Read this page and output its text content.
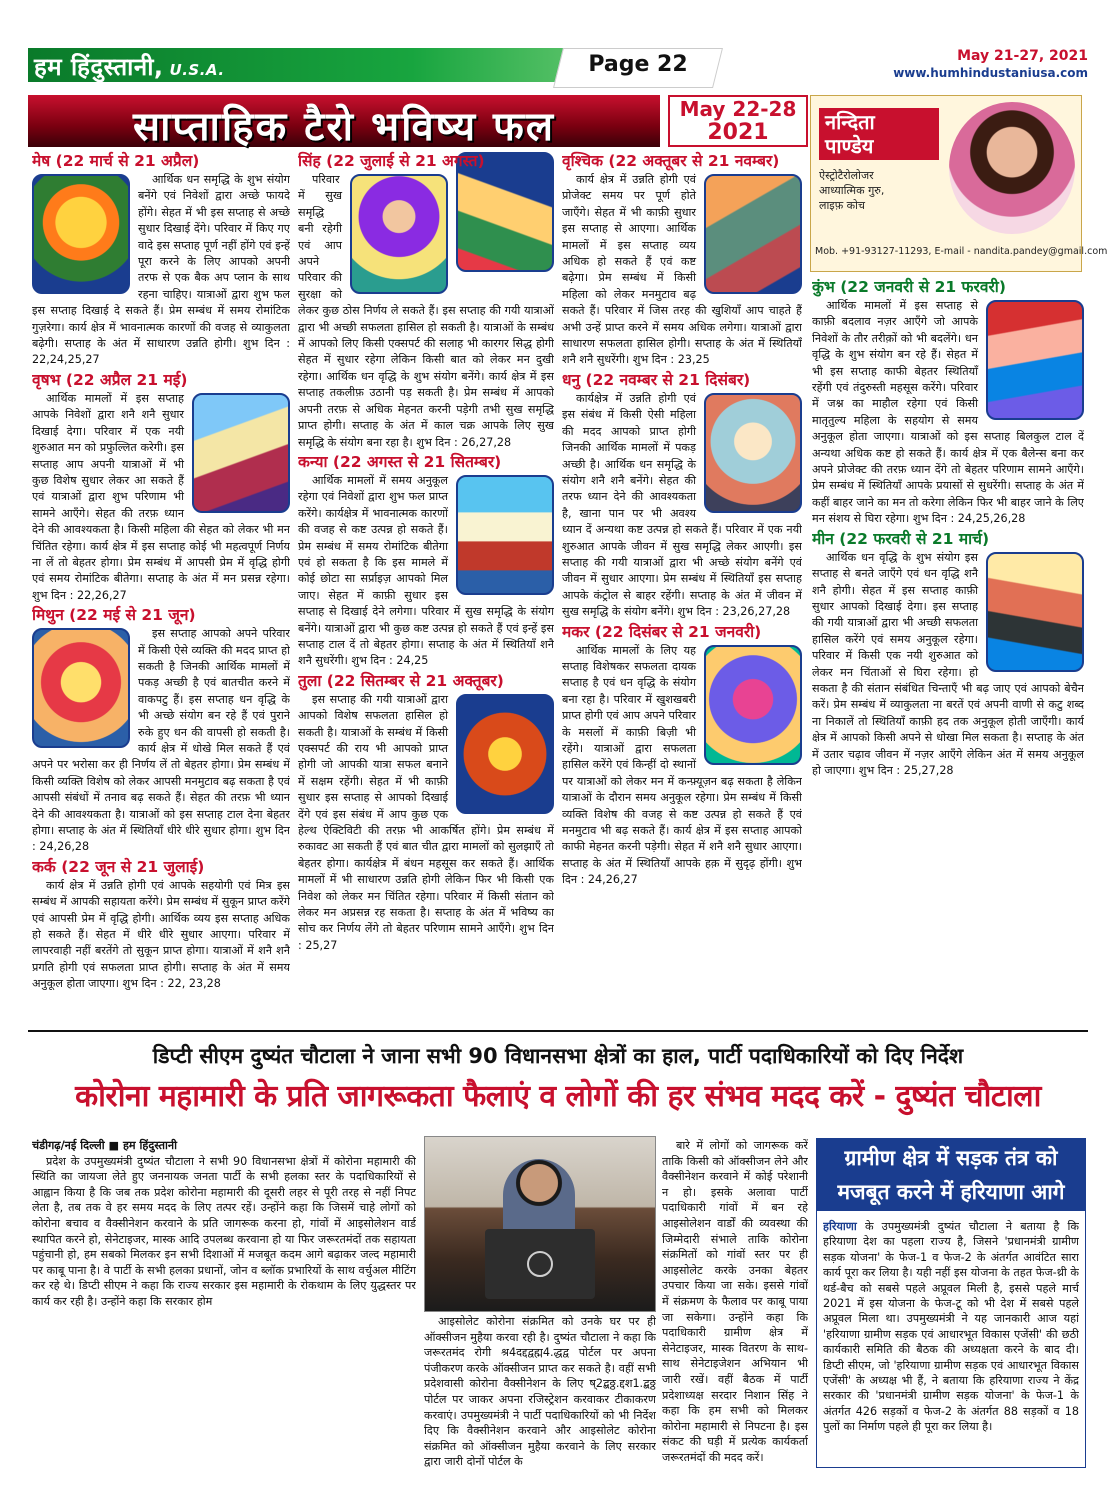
हम हिंदुस्तानी, U.S.A.	Page 22	May 21-27, 2021
www.humhindustaniusa.com
साप्ताहिक टैरो भविष्य फल	May 22-28
2021	नन्दिता
पाण्डेय
ऐस्ट्रोटैरोलोजर
आध्यात्मिक गुरु,
लाइफ़ कोच
Mob. +91-93127-11293, E-mail - nandita.pandey@gmail.com
मेष (22 मार्च से 21 अप्रैल)
आर्थिक धन समृद्धि के शुभ संयोग बनेंगे एवं निवेशों द्वारा अच्छे फायदे होंगे। सेहत में भी इस सप्ताह से अच्छे सुधार दिखाई देंगे। परिवार में किए गए वादे इस सप्ताह पूर्ण नहीं होंगे एवं इन्हें पूरा करने के लिए आपको अपनी तरफ से एक बैक अप प्लान के साथ रहना चाहिए। यात्राओं द्वारा शुभ फल इस सप्ताह दिखाई दे सकते हैं। प्रेम सम्बंध में समय रोमांटिक गुज़रेगा। कार्य क्षेत्र में भावनात्मक कारणों की वजह से व्याकुलता बढ़ेगी। सप्ताह के अंत में साधारण उन्नति होगी। शुभ दिन : 22,24,25,27
वृषभ (22 अप्रैल 21 मई)
आर्थिक मामलों में इस सप्ताह आपके निवेशों द्वारा शनै शनै सुधार दिखाई देगा। परिवार में एक नयी शुरुआत मन को प्रफुल्लित करेगी। इस सप्ताह आप अपनी यात्राओं में भी कुछ विशेष सुधार लेकर आ सकते हैं एवं यात्राओं द्वारा शुभ परिणाम भी सामने आएँगे। सेहत की तरफ़ ध्यान देने की आवश्यकता है। किसी महिला की सेहत को लेकर भी मन चिंतित रहेगा। कार्य क्षेत्र में इस सप्ताह कोई भी महत्वपूर्ण निर्णय ना लें तो बेहतर होगा। प्रेम सम्बंध में आपसी प्रेम में वृद्धि होगी एवं समय रोमांटिक बीतेगा। सप्ताह के अंत में मन प्रसन्न रहेगा। शुभ दिन : 22,26,27
मिथुन (22 मई से 21 जून)
इस सप्ताह आपको अपने परिवार में किसी ऐसे व्यक्ति की मदद प्राप्त हो सकती है जिनकी आर्थिक मामलों में पकड़ अच्छी है एवं बातचीत करने में वाकपटु हैं। इस सप्ताह धन वृद्धि के भी अच्छे संयोग बन रहे हैं एवं पुराने रुके हुए धन की वापसी हो सकती है। कार्य क्षेत्र में धोखे मिल सकते हैं एवं अपने पर भरोसा कर ही निर्णय लें तो बेहतर होगा। प्रेम सम्बंध में किसी व्यक्ति विशेष को लेकर आपसी मनमुटाव बढ़ सकता है एवं आपसी संबंधों में तनाव बढ़ सकते हैं। सेहत की तरफ़ भी ध्यान देने की आवश्यकता है। यात्राओं को इस सप्ताह टाल देना बेहतर होगा। सप्ताह के अंत में स्थितियाँ धीरे धीरे सुधार होगा। शुभ दिन : 24,26,28
कर्क (22 जून से 21 जुलाई)
कार्य क्षेत्र में उन्नति होगी एवं आपके सहयोगी एवं मित्र इस सम्बंध में आपकी सहायता करेंगे। प्रेम सम्बंध में सुकून प्राप्त करेंगे एवं आपसी प्रेम में वृद्धि होगी। आर्थिक व्यय इस सप्ताह अधिक हो सकते हैं। सेहत में धीरे धीरे सुधार आएगा। परिवार में लापरवाही नहीं बरतेंगे तो सुकून प्राप्त होगा। यात्राओं में शनै शनै प्रगति होगी एवं सफलता प्राप्त होगी। सप्ताह के अंत में समय अनुकूल होता जाएगा। शुभ दिन : 22, 23,28
सिंह (22 जुलाई से 21 अगस्त)
परिवार में सुख समृद्धि बनी रहेगी एवं आप अपने परिवार की सुरक्षा को लेकर कुछ ठोस निर्णय ले सकते हैं। इस सप्ताह की गयी यात्राओं द्वारा भी अच्छी सफलता हासिल हो सकती है। यात्राओं के सम्बंध में आपको लिए किसी एक्सपर्ट की सलाह भी कारगर सिद्ध होगी सेहत में सुधार रहेगा लेकिन किसी बात को लेकर मन दुखी रहेगा। आर्थिक धन वृद्धि के शुभ संयोग बनेंगे। कार्य क्षेत्र में इस सप्ताह तकलीफ़ उठानी पड़ सकती है। प्रेम सम्बंध में आपको अपनी तरफ़ से अधिक मेहनत करनी पड़ेगी तभी सुख समृद्धि प्राप्त होगी। सप्ताह के अंत में काल चक्र आपके लिए सुख समृद्धि के संयोग बना रहा है। शुभ दिन : 26,27,28
कन्या (22 अगस्त से 21 सितम्बर)
आर्थिक मामलों में समय अनुकूल रहेगा एवं निवेशों द्वारा शुभ फल प्राप्त करेंगे। कार्यक्षेत्र में भावनात्मक कारणों की वजह से कष्ट उत्पन्न हो सकते हैं। प्रेम सम्बंध में समय रोमांटिक बीतेगा एवं हो सकता है कि इस मामले में कोई छोटा सा सर्प्राइज़ आपको मिल जाए। सेहत में काफ़ी सुधार इस सप्ताह से दिखाई देने लगेगा। परिवार में सुख समृद्धि के संयोग बनेंगे। यात्राओं द्वारा भी कुछ कष्ट उत्पन्न हो सकते हैं एवं इन्हें इस सप्ताह टाल दें तो बेहतर होगा। सप्ताह के अंत में स्थितियाँ शनै शनै सुधरेंगी। शुभ दिन : 24,25
तुला (22 सितम्बर से 21 अक्तूबर)
इस सप्ताह की गयी यात्राओं द्वारा आपको विशेष सफलता हासिल हो सकती है। यात्राओं के सम्बंध में किसी एक्सपर्ट की राय भी आपको प्राप्त होगी जो आपकी यात्रा सफल बनाने में सक्षम रहेंगी। सेहत में भी काफ़ी सुधार इस सप्ताह से आपको दिखाई देंगे एवं इस संबंध में आप कुछ एक हेल्थ ऐक्टिविटी की तरफ़ भी आकर्षित होंगे। प्रेम सम्बंध में रुकावट आ सकती हैं एवं बात चीत द्वारा मामलों को सुलझाएँ तो बेहतर होगा। कार्यक्षेत्र में बंधन महसूस कर सकते हैं। आर्थिक मामलों में भी साधारण उन्नति होगी लेकिन फिर भी किसी एक निवेश को लेकर मन चिंतित रहेगा। परिवार में किसी संतान को लेकर मन अप्रसन्न रह सकता है। सप्ताह के अंत में भविष्य का सोच कर निर्णय लेंगे तो बेहतर परिणाम सामने आएँगे। शुभ दिन : 25,27
वृश्चिक (22 अक्तूबर से 21 नवम्बर)
कार्य क्षेत्र में उन्नति होगी एवं प्रोजेक्ट समय पर पूर्ण होते जाएँगे। सेहत में भी काफ़ी सुधार इस सप्ताह से आएगा। आर्थिक मामलों में इस सप्ताह व्यय अधिक हो सकते हैं एवं कष्ट बढ़ेगा। प्रेम सम्बंध में किसी महिला को लेकर मनमुटाव बढ़ सकते हैं। परिवार में जिस तरह की खुशियाँ आप चाहते हैं अभी उन्हें प्राप्त करने में समय अधिक लगेगा। यात्राओं द्वारा साधारण सफलता हासिल होगी। सप्ताह के अंत में स्थितियाँ शनै शनै सुधरेंगी। शुभ दिन : 23,25
धनु (22 नवम्बर से 21 दिसंबर)
कार्यक्षेत्र में उन्नति होगी एवं इस संबंध में किसी ऐसी महिला की मदद आपको प्राप्त होगी जिनकी आर्थिक मामलों में पकड़ अच्छी है। आर्थिक धन समृद्धि के संयोग शनै शनै बनेंगे। सेहत की तरफ ध्यान देने की आवश्यकता है, खाना पान पर भी अवश्य ध्यान दें अन्यथा कष्ट उत्पन्न हो सकते हैं। परिवार में एक नयी शुरुआत आपके जीवन में सुख समृद्धि लेकर आएगी। इस सप्ताह की गयी यात्राओं द्वारा भी अच्छे संयोग बनेंगे एवं जीवन में सुधार आएगा। प्रेम सम्बंध में स्थितियाँ इस सप्ताह आपके कंट्रोल से बाहर रहेंगी। सप्ताह के अंत में जीवन में सुख समृद्धि के संयोग बनेंगे। शुभ दिन : 23,26,27,28
मकर (22 दिसंबर से 21 जनवरी)
आर्थिक मामलों के लिए यह सप्ताह विशेषकर सफलता दायक सप्ताह है एवं धन वृद्धि के संयोग बना रहा है। परिवार में खुशखबरी प्राप्त होगी एवं आप अपने परिवार के मसलों में काफ़ी बिज़ी भी रहेंगे। यात्राओं द्वारा सफलता हासिल करेंगे एवं किन्हीं दो स्थानों पर यात्राओं को लेकर मन में कन्फ़्यूज़न बढ़ सकता है लेकिन यात्राओं के दौरान समय अनुकूल रहेगा। प्रेम सम्बंध में किसी व्यक्ति विशेष की वजह से कष्ट उत्पन्न हो सकते हैं एवं मनमुटाव भी बढ़ सकते हैं। कार्य क्षेत्र में इस सप्ताह आपको काफी मेहनत करनी पड़ेगी। सेहत में शनै शनै सुधार आएगा। सप्ताह के अंत में स्थितियाँ आपके हक़ में सुदृढ़ होंगी। शुभ दिन : 24,26,27
कुंभ (22 जनवरी से 21 फरवरी)
आर्थिक मामलों में इस सप्ताह से काफ़ी बदलाव नज़र आएँगे जो आपके निवेशों के तौर तरीक़ों को भी बदलेंगे। धन वृद्धि के शुभ संयोग बन रहे हैं। सेहत में भी इस सप्ताह काफी बेहतर स्थितियाँ रहेंगी एवं तंदुरुस्ती महसूस करेंगे। परिवार में जश्न का माहौल रहेगा एवं किसी मातृतुल्य महिला के सहयोग से समय अनुकूल होता जाएगा। यात्राओं को इस सप्ताह बिलकुल टाल दें अन्यथा अधिक कष्ट हो सकते हैं। कार्य क्षेत्र में एक बैलेन्स बना कर अपने प्रोजेक्ट की तरफ़ ध्यान देंगे तो बेहतर परिणाम सामने आएँगे। प्रेम सम्बंध में स्थितियाँ आपके प्रयासों से सुधरेंगी। सप्ताह के अंत में कहीं बाहर जाने का मन तो करेगा लेकिन फिर भी बाहर जाने के लिए मन संशय से घिरा रहेगा। शुभ दिन : 24,25,26,28
मीन (22 फरवरी से 21 मार्च)
आर्थिक धन वृद्धि के शुभ संयोग इस सप्ताह से बनते जाएँगे एवं धन वृद्धि शनै शनै होगी। सेहत में इस सप्ताह काफ़ी सुधार आपको दिखाई देगा। इस सप्ताह की गयी यात्राओं द्वारा भी अच्छी सफलता हासिल करेंगे एवं समय अनुकूल रहेगा। परिवार में किसी एक नयी शुरुआत को लेकर मन चिंताओं से घिरा रहेगा। हो सकता है की संतान संबंधित चिन्ताएँ भी बढ़ जाए एवं आपको बेचैन करें। प्रेम सम्बंध में व्याकुलता ना बरतें एवं अपनी वाणी से कटु शब्द ना निकालें तो स्थितियाँ काफ़ी हद तक अनुकूल होती जाएँगी। कार्य क्षेत्र में आपको किसी अपने से धोखा मिल सकता है। सप्ताह के अंत में उतार चढ़ाव जीवन में नज़र आएँगे लेकिन अंत में समय अनुकूल हो जाएगा। शुभ दिन : 25,27,28
डिप्टी सीएम दुष्यंत चौटाला ने जाना सभी 90 विधानसभा क्षेत्रों का हाल, पार्टी पदाधिकारियों को दिए निर्देश
कोरोना महामारी के प्रति जागरूकता फैलाएं व लोगों की हर संभव मदद करें - दुष्यंत चौटाला
चंडीगढ़/नई दिल्ली ■ हम हिंदुस्तानी
प्रदेश के उपमुख्यमंत्री दुष्यंत चौटाला ने सभी 90 विधानसभा क्षेत्रों में कोरोना महामारी की स्थिति का जायजा लेते हुए जननायक जनता पार्टी के सभी हलका स्तर के पदाधिकारियों से आह्वान किया है कि जब तक प्रदेश कोरोना महामारी की दूसरी लहर से पूरी तरह से नहीं निपट लेता है, तब तक वे हर समय मदद के लिए तत्पर रहें। उन्होंने कहा कि जिसमें चाहे लोगों को कोरोना बचाव व वैक्सीनेशन करवाने के प्रति जागरूक करना हो, गांवों में आइसोलेशन वार्ड स्थापित करने हो, सेनेटाइजर, मास्क आदि उपलब्ध करवाना हो या फिर जरूरतमंदों तक सहायता पहुंचानी हो, हम सबको मिलकर इन सभी दिशाओं में मजबूत कदम आगे बढ़ाकर जल्द महामारी पर काबू पाना है। वे पार्टी के सभी हलका प्रधानों, जोन व ब्लॉक प्रभारियों के साथ वर्चुअल मीटिंग कर रहे थे। डिप्टी सीएम ने कहा कि राज्य सरकार इस महामारी के रोकथाम के लिए युद्धस्तर पर कार्य कर रही है। उन्होंने कहा कि सरकार होम
आइसोलेट कोरोना संक्रमित को उनके घर पर ही ऑक्सीजन मुहैया करवा रही है। दुष्यंत चौटाला ने कहा कि जरूरतमंद रोगी श्र4दद्दद्वह्म4.द्धद्व पोर्टल पर अपना पंजीकरण करके ऑक्सीजन प्राप्त कर सकते है। वहीं सभी प्रदेशवासी कोरोना वैक्सीनेशन के लिए ष्2द्बठ्ठ.द्दश1.द्बठ्ठ पोर्टल पर जाकर अपना रजिस्ट्रेशन करवाकर टीकाकरण करवाएं। उपमुख्यमंत्री ने पार्टी पदाधिकारियों को भी निर्देश दिए कि वैक्सीनेशन करवाने और आइसोलेट कोरोना संक्रमित को ऑक्सीजन मुहैया करवाने के लिए सरकार द्वारा जारी दोनों पोर्टल के
बारे में लोगों को जागरूक करें ताकि किसी को ऑक्सीजन लेने और वैक्सीनेशन करवाने में कोई परेशानी न हो। इसके अलावा पार्टी पदाधिकारी गांवों में बन रहे आइसोलेशन वार्डों की व्यवस्था की जिम्मेदारी संभाले ताकि कोरोना संक्रमितों को गांवों स्तर पर ही आइसोलेट करके उनका बेहतर उपचार किया जा सके। इससे गांवों में संक्रमण के फैलाव पर काबू पाया जा सकेगा। उन्होंने कहा कि पदाधिकारी ग्रामीण क्षेत्र में सेनेटाइजर, मास्क वितरण के साथ-साथ सेनेटाइजेशन अभियान भी जारी रखें। वहीं बैठक में पार्टी प्रदेशाध्यक्ष सरदार निशान सिंह ने कहा कि हम सभी को मिलकर कोरोना महामारी से निपटना है। इस संकट की घड़ी में प्रत्येक कार्यकर्ता जरूरतमंदों की मदद करें।
ग्रामीण क्षेत्र में सड़क तंत्र को मजबूत करने में हरियाणा आगे
हरियाणा के उपमुख्यमंत्री दुष्यंत चौटाला ने बताया है कि हरियाणा देश का पहला राज्य है, जिसने 'प्रधानमंत्री ग्रामीण सड़क योजना' के फेज-1 व फेज-2 के अंतर्गत आवंटित सारा कार्य पूरा कर लिया है। यही नहीं इस योजना के तहत फेज-थ्री के थर्ड-बैच को सबसे पहले अप्रूवल मिली है, इससे पहले मार्च 2021 में इस योजना के फेज-टू को भी देश में सबसे पहले अप्रूवल मिला था। उपमुख्यमंत्री ने यह जानकारी आज यहां 'हरियाणा ग्रामीण सड़क एवं आधारभूत विकास एजेंसी' की छठी कार्यकारी समिति की बैठक की अध्यक्षता करने के बाद दी। डिप्टी सीएम, जो 'हरियाणा ग्रामीण सड़क एवं आधारभूत विकास एजेंसी' के अध्यक्ष भी हैं, ने बताया कि हरियाणा राज्य ने केंद्र सरकार की 'प्रधानमंत्री ग्रामीण सड़क योजना' के फेज-1 के अंतर्गत 426 सड़कों व फेज-2 के अंतर्गत 88 सड़कों व 18 पुलों का निर्माण पहले ही पूरा कर लिया है।
